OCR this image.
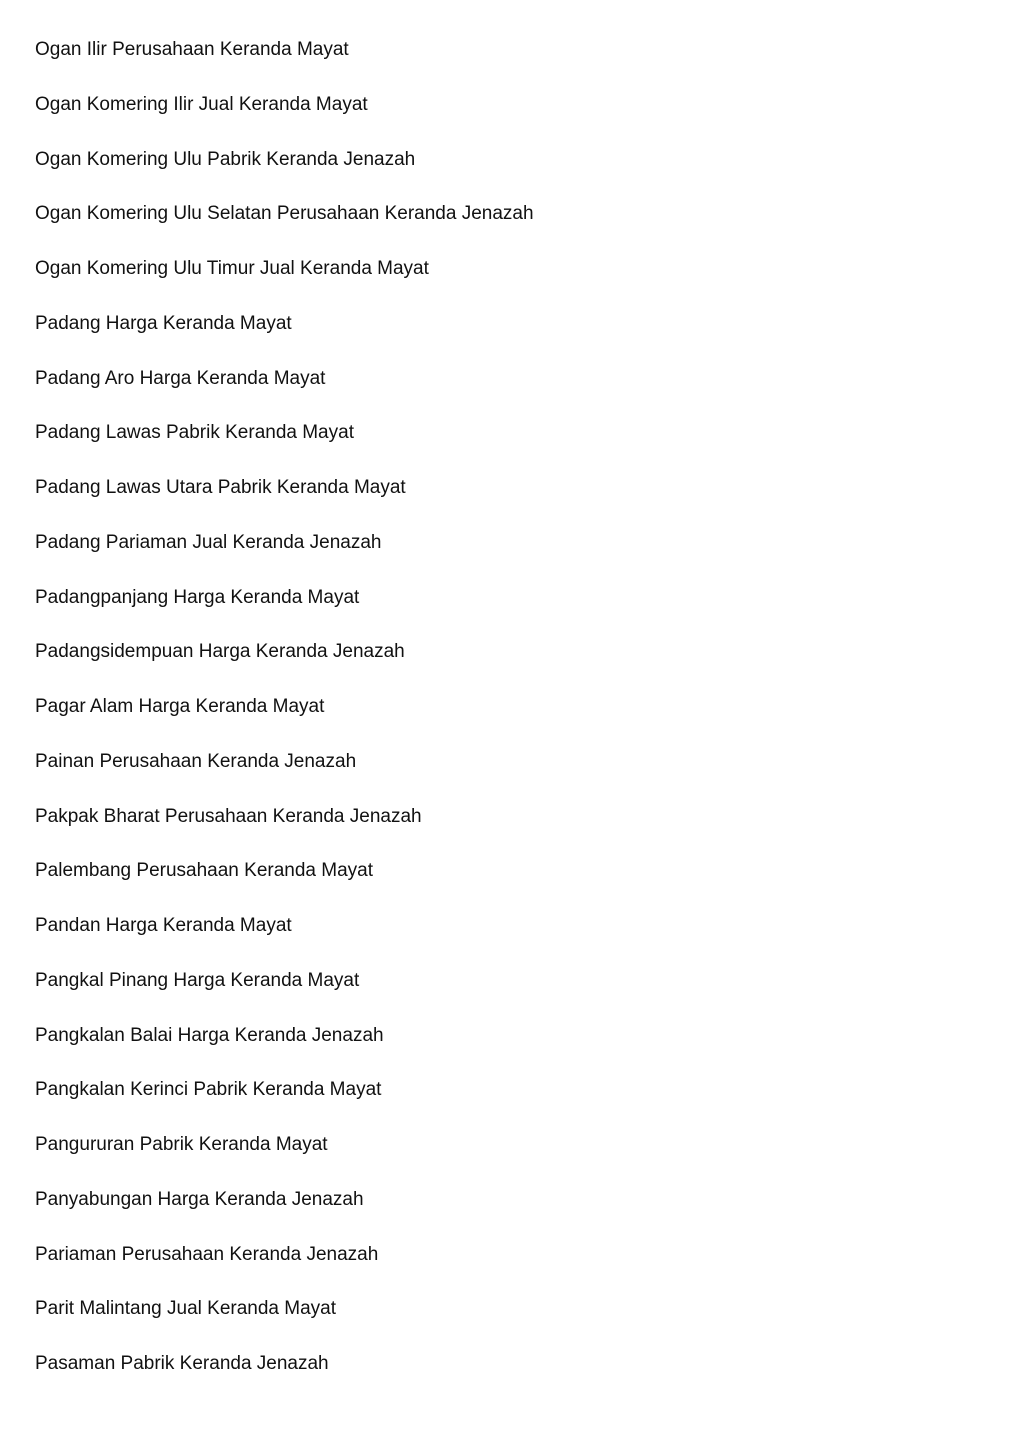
Ogan Ilir Perusahaan Keranda Mayat
Ogan Komering Ilir Jual Keranda Mayat
Ogan Komering Ulu Pabrik Keranda Jenazah
Ogan Komering Ulu Selatan Perusahaan Keranda Jenazah
Ogan Komering Ulu Timur Jual Keranda Mayat
Padang Harga Keranda Mayat
Padang Aro Harga Keranda Mayat
Padang Lawas Pabrik Keranda Mayat
Padang Lawas Utara Pabrik Keranda Mayat
Padang Pariaman Jual Keranda Jenazah
Padangpanjang Harga Keranda Mayat
Padangsidempuan Harga Keranda Jenazah
Pagar Alam Harga Keranda Mayat
Painan Perusahaan Keranda Jenazah
Pakpak Bharat Perusahaan Keranda Jenazah
Palembang Perusahaan Keranda Mayat
Pandan Harga Keranda Mayat
Pangkal Pinang Harga Keranda Mayat
Pangkalan Balai Harga Keranda Jenazah
Pangkalan Kerinci Pabrik Keranda Mayat
Pangururan Pabrik Keranda Mayat
Panyabungan Harga Keranda Jenazah
Pariaman Perusahaan Keranda Jenazah
Parit Malintang Jual Keranda Mayat
Pasaman Pabrik Keranda Jenazah
